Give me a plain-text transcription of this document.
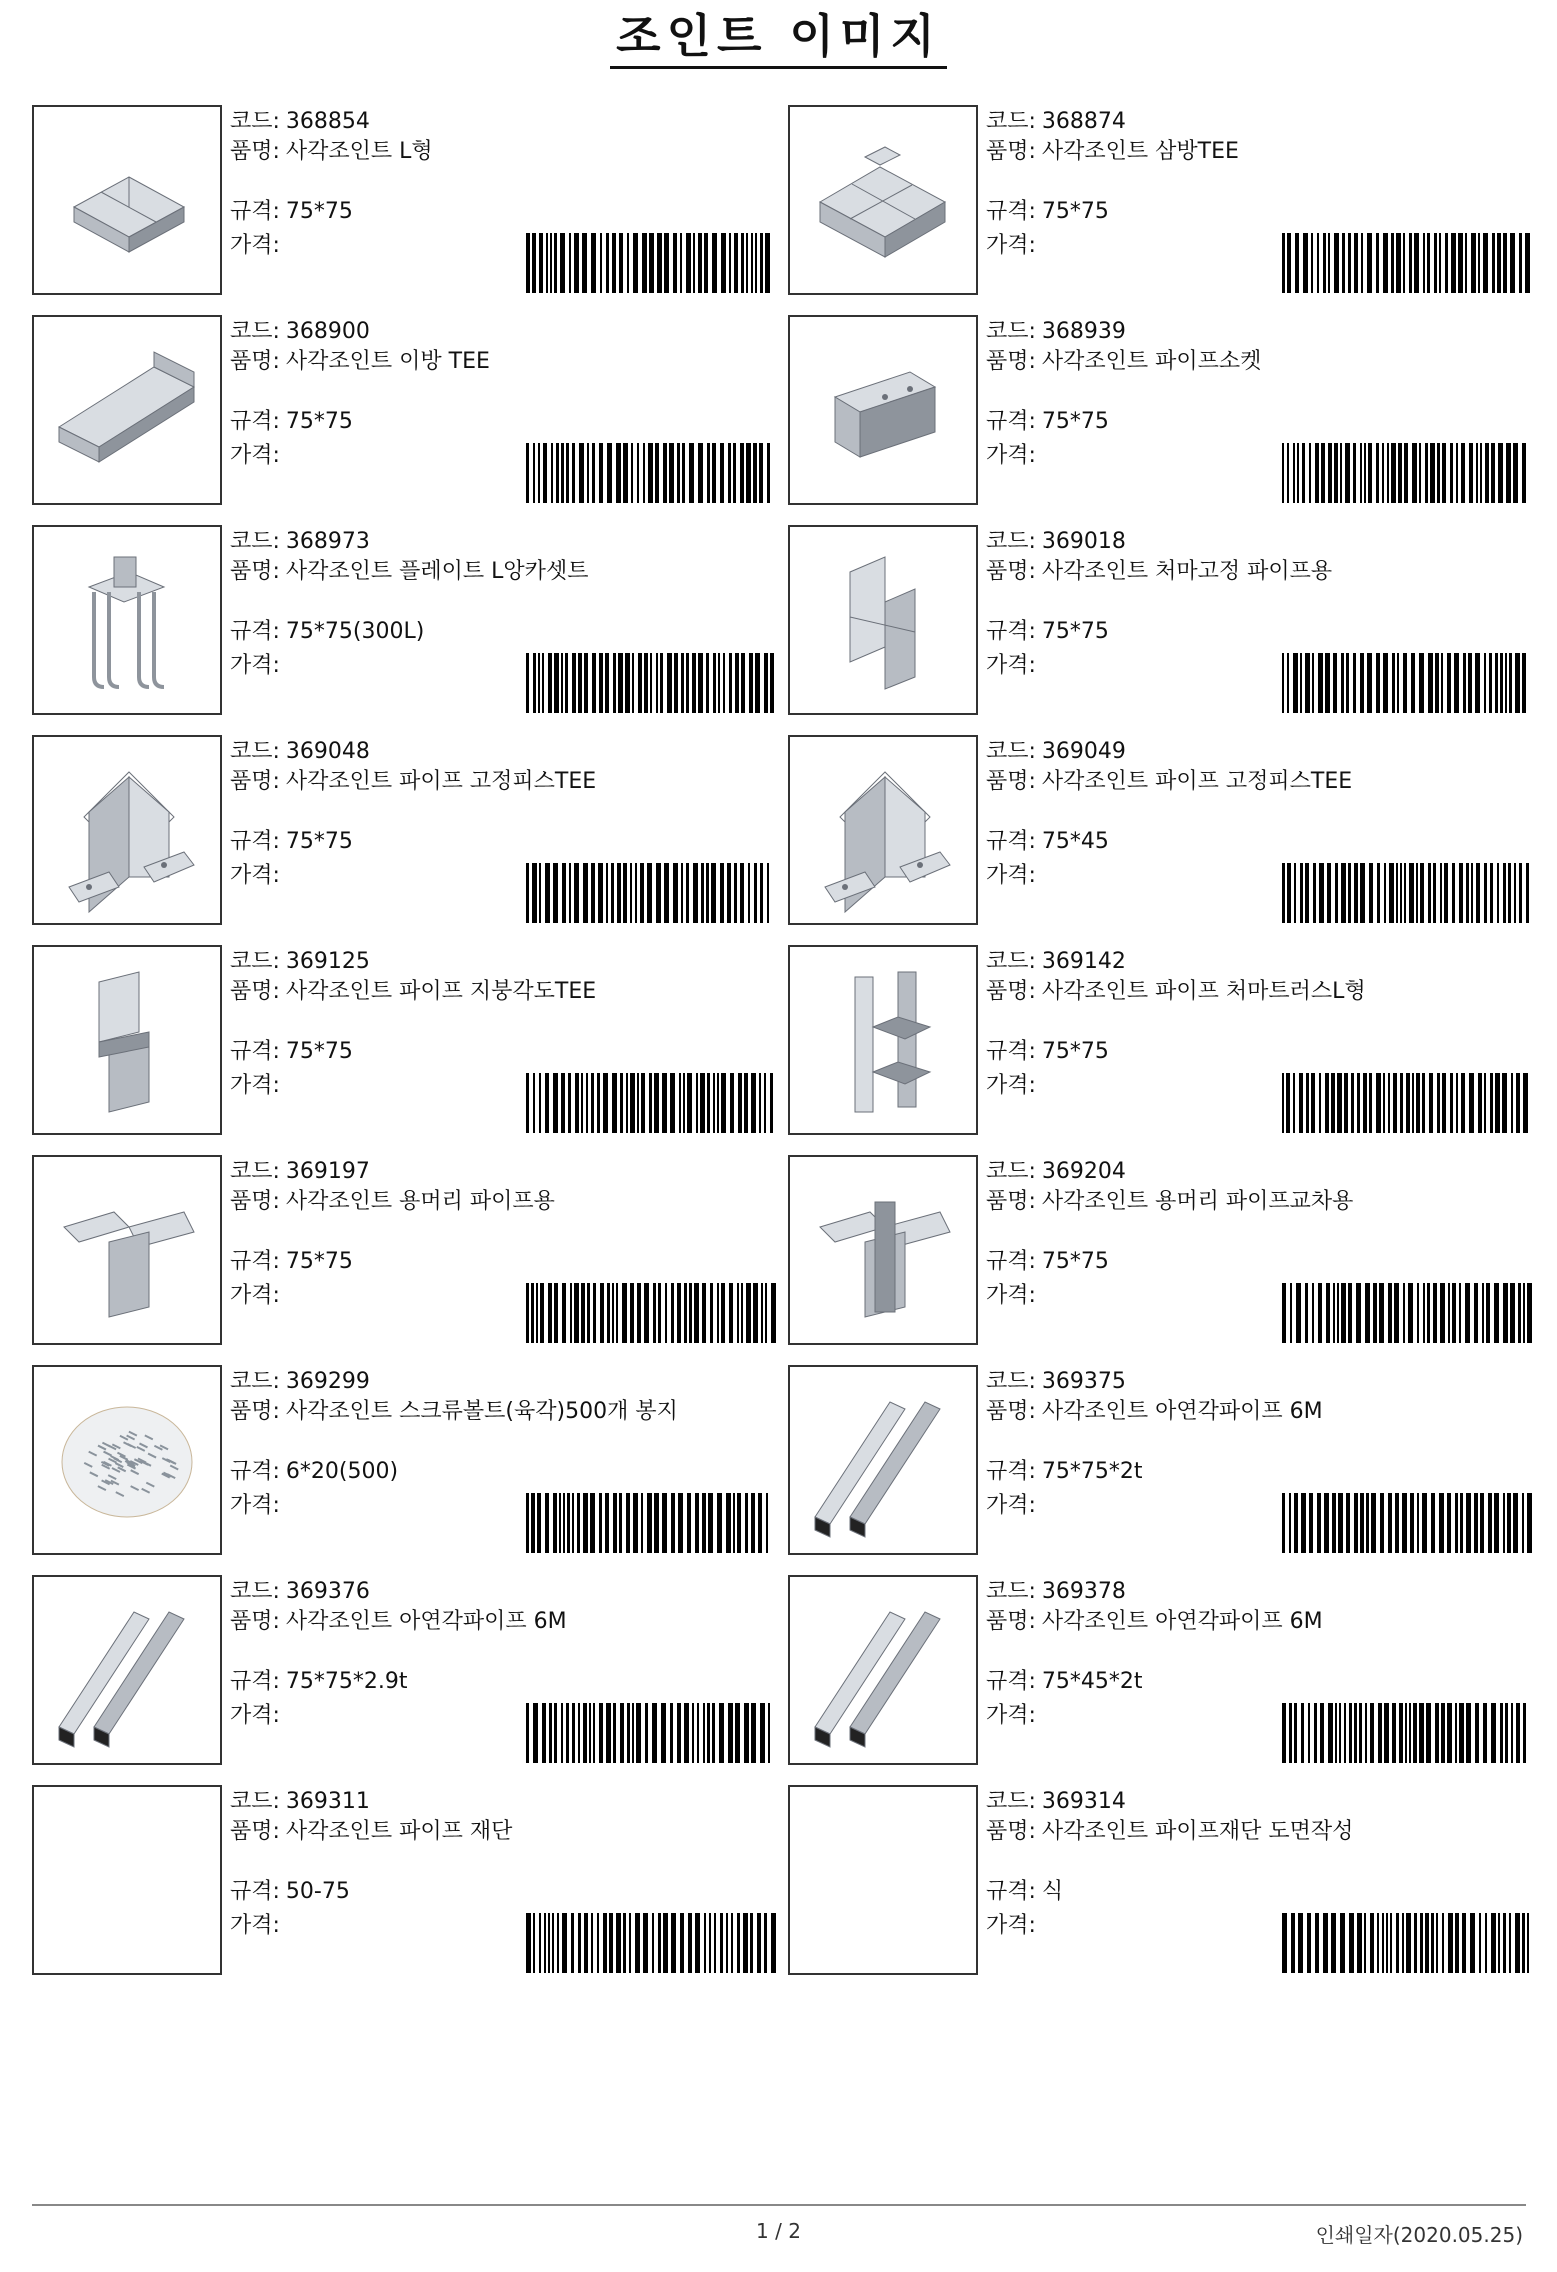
조인트 이미지
코드: 368854
품명: 사각조인트 L형
규격: 75*75
가격:
코드: 368874
품명: 사각조인트 삼방TEE
규격: 75*75
가격:
코드: 368900
품명: 사각조인트 이방 TEE
규격: 75*75
가격:
코드: 368939
품명: 사각조인트 파이프소켓
규격: 75*75
가격:
코드: 368973
품명: 사각조인트 플레이트 L앙카셋트
규격: 75*75(300L)
가격:
코드: 369018
품명: 사각조인트 처마고정 파이프용
규격: 75*75
가격:
코드: 369048
품명: 사각조인트 파이프 고정피스TEE
규격: 75*75
가격:
코드: 369049
품명: 사각조인트 파이프 고정피스TEE
규격: 75*45
가격:
코드: 369125
품명: 사각조인트 파이프 지붕각도TEE
규격: 75*75
가격:
코드: 369142
품명: 사각조인트 파이프 처마트러스L형
규격: 75*75
가격:
코드: 369197
품명: 사각조인트 용머리 파이프용
규격: 75*75
가격:
코드: 369204
품명: 사각조인트 용머리 파이프교차용
규격: 75*75
가격:
코드: 369299
품명: 사각조인트 스크류볼트(육각)500개 봉지
규격: 6*20(500)
가격:
코드: 369375
품명: 사각조인트 아연각파이프 6M
규격: 75*75*2t
가격:
코드: 369376
품명: 사각조인트 아연각파이프 6M
규격: 75*75*2.9t
가격:
코드: 369378
품명: 사각조인트 아연각파이프 6M
규격: 75*45*2t
가격:
코드: 369311
품명: 사각조인트 파이프 재단
규격: 50-75
가격:
코드: 369314
품명: 사각조인트 파이프재단 도면작성
규격: 식
가격:
1 / 2	인쇄일자(2020.05.25)
